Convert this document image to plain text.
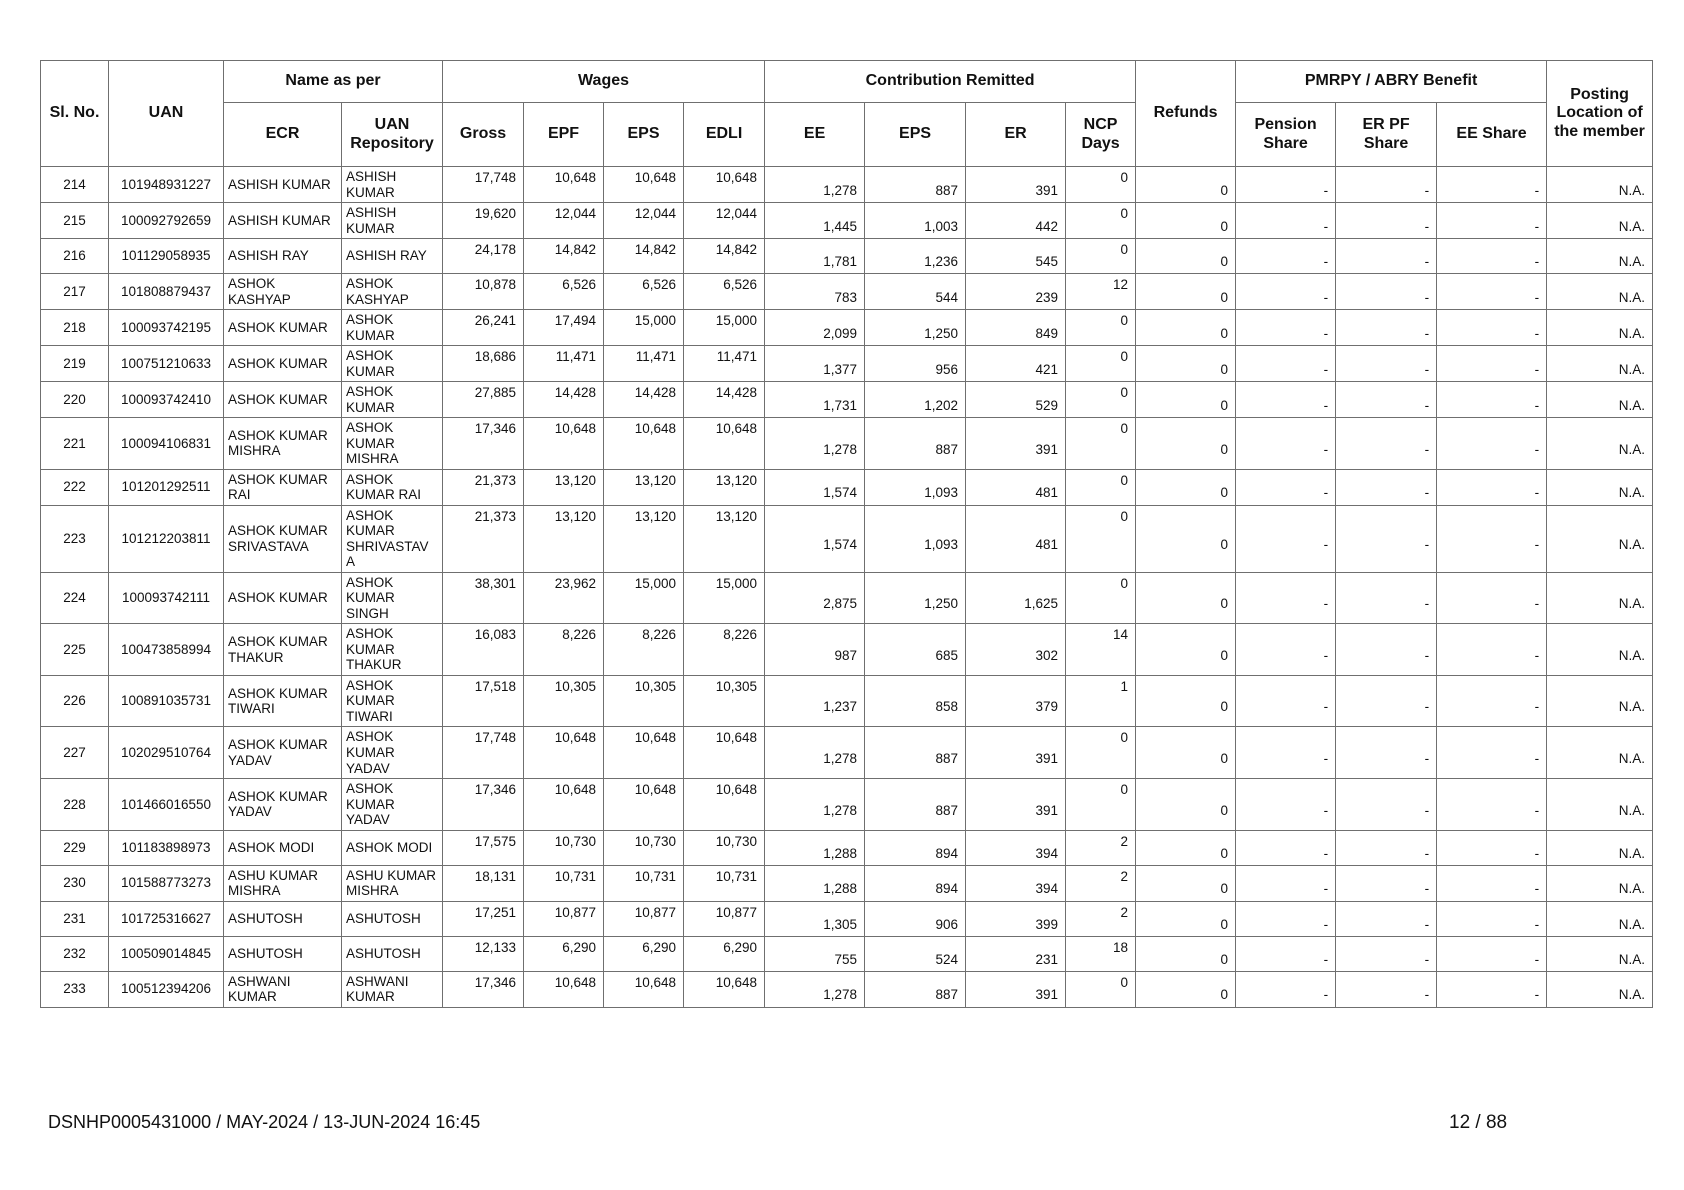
Sl. No.	UAN	Name as per		Wages				Contribution Remitted				Refunds	PMRPY / ABRY Benefit			Posting Location of the member
		ECR	UAN Repository	Gross	EPF	EPS	EDLI	EE	EPS	ER	NCP Days		Pension Share	ER PF Share	EE Share	
214	101948931227	ASHISH KUMAR	ASHISH KUMAR	17,748	10,648	10,648	10,648	1,278	887	391	0	0	-	-	-	N.A.
215	100092792659	ASHISH KUMAR	ASHISH KUMAR	19,620	12,044	12,044	12,044	1,445	1,003	442	0	0	-	-	-	N.A.
216	101129058935	ASHISH RAY	ASHISH RAY	24,178	14,842	14,842	14,842	1,781	1,236	545	0	0	-	-	-	N.A.
217	101808879437	ASHOK KASHYAP	ASHOK KASHYAP	10,878	6,526	6,526	6,526	783	544	239	12	0	-	-	-	N.A.
218	100093742195	ASHOK KUMAR	ASHOK KUMAR	26,241	17,494	15,000	15,000	2,099	1,250	849	0	0	-	-	-	N.A.
219	100751210633	ASHOK KUMAR	ASHOK KUMAR	18,686	11,471	11,471	11,471	1,377	956	421	0	0	-	-	-	N.A.
220	100093742410	ASHOK KUMAR	ASHOK KUMAR	27,885	14,428	14,428	14,428	1,731	1,202	529	0	0	-	-	-	N.A.
221	100094106831	ASHOK KUMAR MISHRA	ASHOK KUMAR MISHRA	17,346	10,648	10,648	10,648	1,278	887	391	0	0	-	-	-	N.A.
222	101201292511	ASHOK KUMAR RAI	ASHOK KUMAR RAI	21,373	13,120	13,120	13,120	1,574	1,093	481	0	0	-	-	-	N.A.
223	101212203811	ASHOK KUMAR SRIVASTAVA	ASHOK KUMAR SHRIVASTAV A	21,373	13,120	13,120	13,120	1,574	1,093	481	0	0	-	-	-	N.A.
224	100093742111	ASHOK KUMAR	ASHOK KUMAR SINGH	38,301	23,962	15,000	15,000	2,875	1,250	1,625	0	0	-	-	-	N.A.
225	100473858994	ASHOK KUMAR THAKUR	ASHOK KUMAR THAKUR	16,083	8,226	8,226	8,226	987	685	302	14	0	-	-	-	N.A.
226	100891035731	ASHOK KUMAR TIWARI	ASHOK KUMAR TIWARI	17,518	10,305	10,305	10,305	1,237	858	379	1	0	-	-	-	N.A.
227	102029510764	ASHOK KUMAR YADAV	ASHOK KUMAR YADAV	17,748	10,648	10,648	10,648	1,278	887	391	0	0	-	-	-	N.A.
228	101466016550	ASHOK KUMAR YADAV	ASHOK KUMAR YADAV	17,346	10,648	10,648	10,648	1,278	887	391	0	0	-	-	-	N.A.
229	101183898973	ASHOK MODI	ASHOK MODI	17,575	10,730	10,730	10,730	1,288	894	394	2	0	-	-	-	N.A.
230	101588773273	ASHU KUMAR MISHRA	ASHU KUMAR MISHRA	18,131	10,731	10,731	10,731	1,288	894	394	2	0	-	-	-	N.A.
231	101725316627	ASHUTOSH	ASHUTOSH	17,251	10,877	10,877	10,877	1,305	906	399	2	0	-	-	-	N.A.
232	100509014845	ASHUTOSH	ASHUTOSH	12,133	6,290	6,290	6,290	755	524	231	18	0	-	-	-	N.A.
233	100512394206	ASHWANI KUMAR	ASHWANI KUMAR	17,346	10,648	10,648	10,648	1,278	887	391	0	0	-	-	-	N.A.
DSNHP0005431000 / MAY-2024 / 13-JUN-2024 16:45	12 / 88
